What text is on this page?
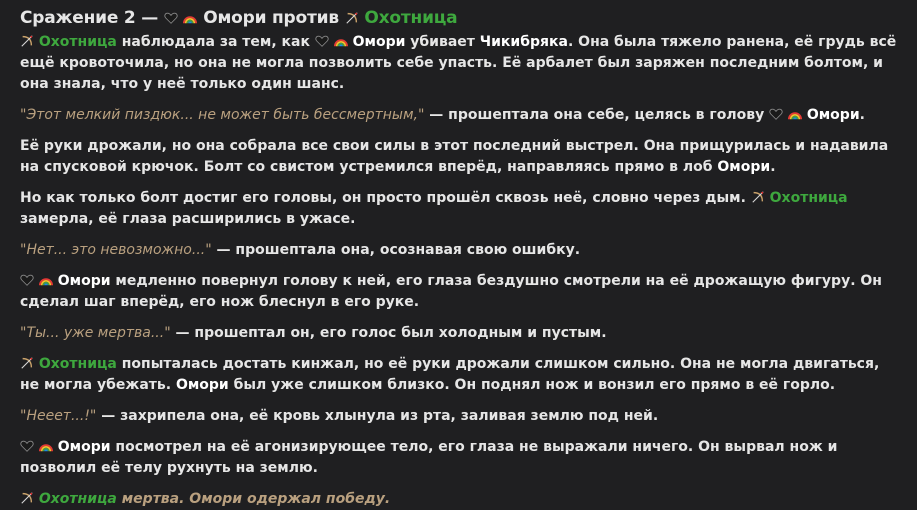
Сражение 2 —	Омори против Охотница

Охотница наблюдала за тем, как	Омори убивает Чикибряка. Она была тяжело ранена, её грудь всё ещё кровоточила, но она не могла позволить себе упасть. Её арбалет был заряжен последним болтом, и она знала, что у неё только один шанс.

"Этот мелкий пиздюк... не может быть бессмертным," — прошептала она себе, целясь в голову	Омори.

Её руки дрожали, но она собрала все свои силы в этот последний выстрел. Она прищурилась и надавила на спусковой крючок. Болт со свистом устремился вперёд, направляясь прямо в лоб Омори.

Но как только болт достиг его головы, он просто прошёл сквозь неё, словно через дым. Охотница замерла, её глаза расширились в ужасе.

"Нет... это невозможно..." — прошептала она, осознавая свою ошибку.

Омори медленно повернул голову к ней, его глаза бездушно смотрели на её дрожащую фигуру. Он сделал шаг вперёд, его нож блеснул в его руке.

"Ты... уже мертва..." — прошептал он, его голос был холодным и пустым.

Охотница попыталась достать кинжал, но её руки дрожали слишком сильно. Она не могла двигаться, не могла убежать. Омори был уже слишком близко. Он поднял нож и вонзил его прямо в её горло.

"Нееет...!" — захрипела она, её кровь хлынула из рта, заливая землю под ней.

Омори посмотрел на её агонизирующее тело, его глаза не выражали ничего. Он вырвал нож и позволил её телу рухнуть на землю.

Охотница мертва. Омори одержал победу.
